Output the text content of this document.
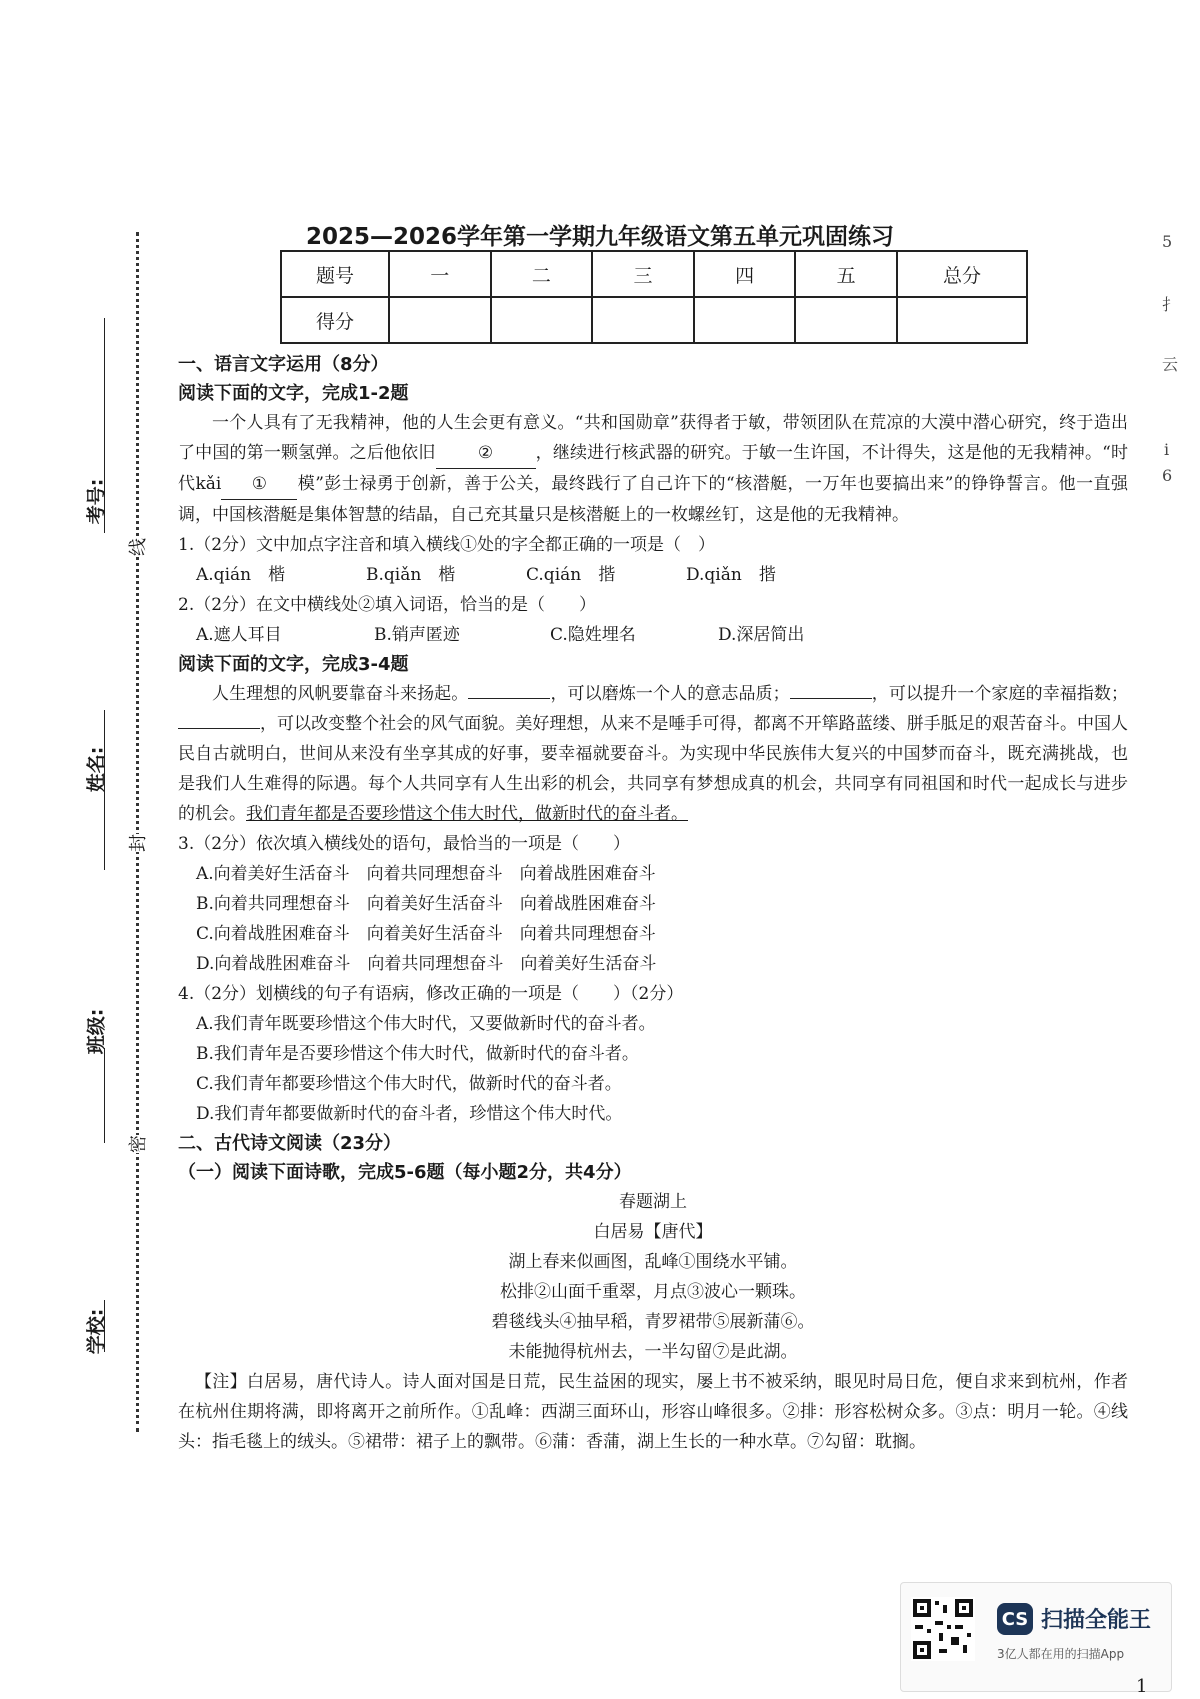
考号:
姓名:
班级:
学校:
线
封
密
5
扌
云
i
6
2025—2026学年第一学期九年级语文第五单元巩固练习
题号	一	二	三	四	五	总分
得分						
一、语言文字运用（8分）
阅读下面的文字，完成1-2题
一个人具有了无我精神，他的人生会更有意义。“共和国勋章”获得者于敏，带领团队在荒凉的大漠中潜心研究，终于造出了中国的第一颗氢弹。之后他依旧 ② ，继续进行核武器的研究。于敏一生许国，不计得失，这是他的无我精神。“时代kǎi ① 模”彭士禄勇于创新，善于公关，最终践行了自己许下的“核潜艇，一万年也要搞出来”的铮铮誓言。他一直强调，中国核潜艇是集体智慧的结晶，自己充其量只是核潜艇上的一枚螺丝钉，这是他的无我精神。
1.（2分）文中加点字注音和填入横线①处的字全都正确的一项是（　）
A.qián　楷	B.qiǎn　楷	C.qián　揩	D.qiǎn　揩
2.（2分）在文中横线处②填入词语，恰当的是（　　）
A.遮人耳目	B.销声匿迹	C.隐姓埋名	D.深居简出
阅读下面的文字，完成3-4题
人生理想的风帆要靠奋斗来扬起。	，可以磨炼一个人的意志品质；	，可以提升一个家庭的幸福指数；，可以改变整个社会的风气面貌。美好理想，从来不是唾手可得，都离不开筚路蓝缕、胼手胝足的艰苦奋斗。中国人民自古就明白，世间从来没有坐享其成的好事，要幸福就要奋斗。为实现中华民族伟大复兴的中国梦而奋斗，既充满挑战，也是我们人生难得的际遇。每个人共同享有人生出彩的机会，共同享有梦想成真的机会，共同享有同祖国和时代一起成长与进步的机会。我们青年都是否要珍惜这个伟大时代，做新时代的奋斗者。
3.（2分）依次填入横线处的语句，最恰当的一项是（　　）
A.向着美好生活奋斗　向着共同理想奋斗　向着战胜困难奋斗
B.向着共同理想奋斗　向着美好生活奋斗　向着战胜困难奋斗
C.向着战胜困难奋斗　向着美好生活奋斗　向着共同理想奋斗
D.向着战胜困难奋斗　向着共同理想奋斗　向着美好生活奋斗
4.（2分）划横线的句子有语病，修改正确的一项是（　　）（2分）
A.我们青年既要珍惜这个伟大时代，又要做新时代的奋斗者。
B.我们青年是否要珍惜这个伟大时代，做新时代的奋斗者。
C.我们青年都要珍惜这个伟大时代，做新时代的奋斗者。
D.我们青年都要做新时代的奋斗者，珍惜这个伟大时代。
二、古代诗文阅读（23分）
（一）阅读下面诗歌，完成5-6题（每小题2分，共4分）
春题湖上
白居易【唐代】
湖上春来似画图，乱峰①围绕水平铺。
松排②山面千重翠，月点③波心一颗珠。
碧毯线头④抽早稻，青罗裙带⑤展新蒲⑥。
未能抛得杭州去，一半勾留⑦是此湖。
【注】白居易，唐代诗人。诗人面对国是日荒，民生益困的现实，屡上书不被采纳，眼见时局日危，便自求来到杭州，作者在杭州住期将满，即将离开之前所作。①乱峰：西湖三面环山，形容山峰很多。②排：形容松树众多。③点：明月一轮。④线头：指毛毯上的绒头。⑤裙带：裙子上的飘带。⑥蒲：香蒲，湖上生长的一种水草。⑦勾留：耽搁。
CS 扫描全能王
3亿人都在用的扫描App
1
